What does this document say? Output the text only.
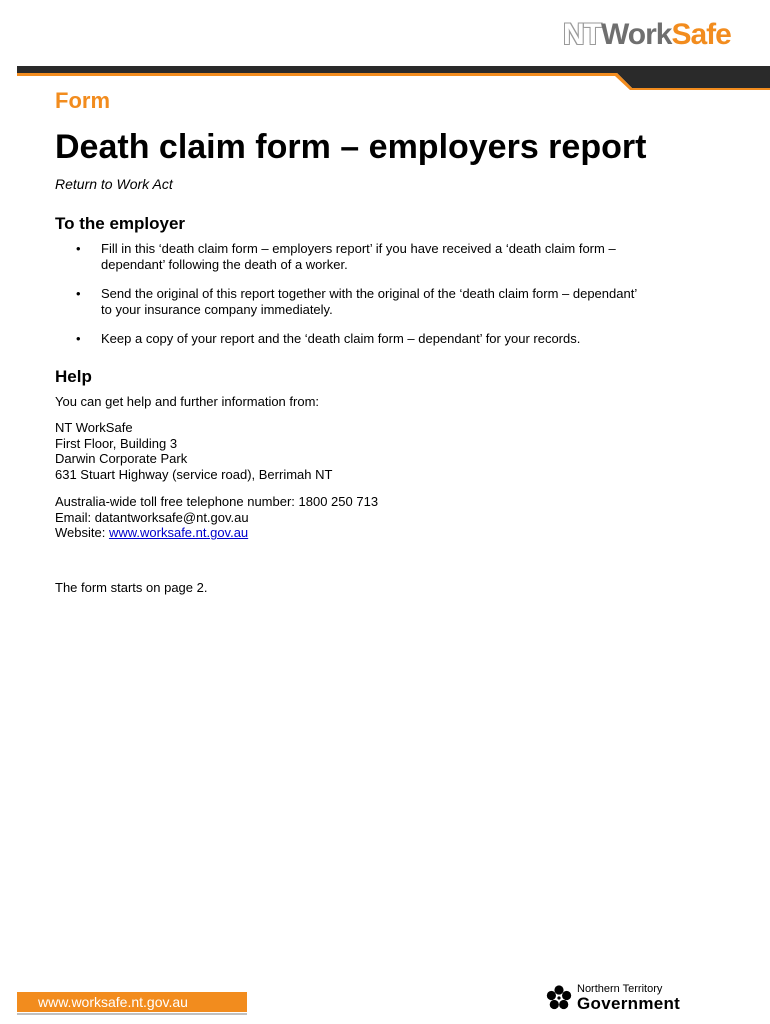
NTWorkSafe
Form
Death claim form – employers report
Return to Work Act
To the employer
• Fill in this ‘death claim form – employers report’ if you have received a ‘death claim form –
dependant’ following the death of a worker.
• Send the original of this report together with the original of the ‘death claim form – dependant’
to your insurance company immediately.
• Keep a copy of your report and the ‘death claim form – dependant’ for your records.
Help
You can get help and further information from:
NT WorkSafe
First Floor, Building 3
Darwin Corporate Park
631 Stuart Highway (service road), Berrimah NT
Australia-wide toll free telephone number: 1800 250 713
Email: datantworksafe@nt.gov.au
Website: www.worksafe.nt.gov.au
The form starts on page 2.
www.worksafe.nt.gov.au
Northern Territory
Government
